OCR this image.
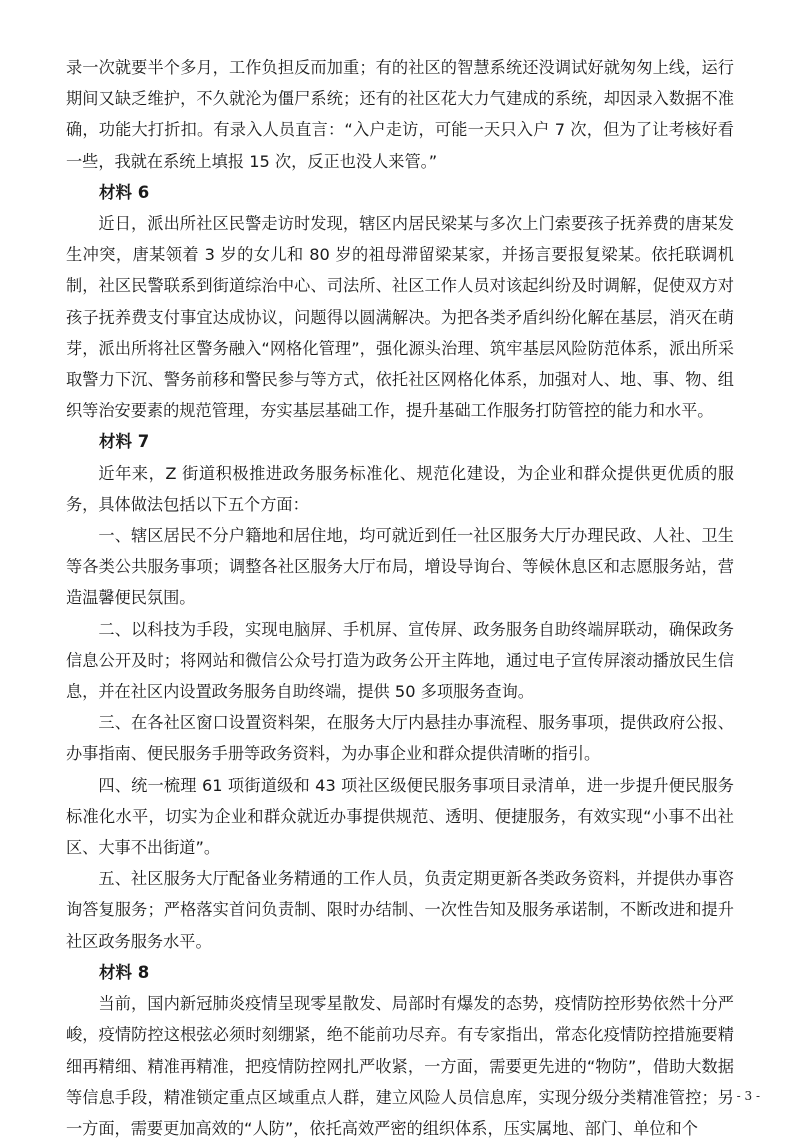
录一次就要半个多月，工作负担反而加重；有的社区的智慧系统还没调试好就匆匆上线，运行期间又缺乏维护，不久就沦为僵尸系统；还有的社区花大力气建成的系统，却因录入数据不准确，功能大打折扣。有录入人员直言：“入户走访，可能一天只入户 7 次，但为了让考核好看一些，我就在系统上填报 15 次，反正也没人来管。”

材料 6

近日，派出所社区民警走访时发现，辖区内居民梁某与多次上门索要孩子抚养费的唐某发生冲突，唐某领着 3 岁的女儿和 80 岁的祖母滞留梁某家，并扬言要报复梁某。依托联调机制，社区民警联系到街道综治中心、司法所、社区工作人员对该起纠纷及时调解，促使双方对孩子抚养费支付事宜达成协议，问题得以圆满解决。为把各类矛盾纠纷化解在基层，消灭在萌芽，派出所将社区警务融入“网格化管理”，强化源头治理、筑牢基层风险防范体系，派出所采取警力下沉、警务前移和警民参与等方式，依托社区网格化体系，加强对人、地、事、物、组织等治安要素的规范管理，夯实基层基础工作，提升基础工作服务打防管控的能力和水平。

材料 7

近年来，Z 街道积极推进政务服务标准化、规范化建设，为企业和群众提供更优质的服务，具体做法包括以下五个方面：

一、辖区居民不分户籍地和居住地，均可就近到任一社区服务大厅办理民政、人社、卫生等各类公共服务事项；调整各社区服务大厅布局，增设导询台、等候休息区和志愿服务站，营造温馨便民氛围。

二、以科技为手段，实现电脑屏、手机屏、宣传屏、政务服务自助终端屏联动，确保政务信息公开及时；将网站和微信公众号打造为政务公开主阵地，通过电子宣传屏滚动播放民生信息，并在社区内设置政务服务自助终端，提供 50 多项服务查询。

三、在各社区窗口设置资料架，在服务大厅内悬挂办事流程、服务事项，提供政府公报、办事指南、便民服务手册等政务资料，为办事企业和群众提供清晰的指引。

四、统一梳理 61 项街道级和 43 项社区级便民服务事项目录清单，进一步提升便民服务标准化水平，切实为企业和群众就近办事提供规范、透明、便捷服务，有效实现“小事不出社区、大事不出街道”。

五、社区服务大厅配备业务精通的工作人员，负责定期更新各类政务资料，并提供办事咨询答复服务；严格落实首问负责制、限时办结制、一次性告知及服务承诺制，不断改进和提升社区政务服务水平。

材料 8

当前，国内新冠肺炎疫情呈现零星散发、局部时有爆发的态势，疫情防控形势依然十分严峻，疫情防控这根弦必须时刻绷紧，绝不能前功尽弃。有专家指出，常态化疫情防控措施要精细再精细、精准再精准，把疫情防控网扎严收紧，一方面，需要更先进的“物防”，借助大数据等信息手段，精准锁定重点区域重点人群，建立风险人员信息库，实现分级分类精准管控；另一方面，需要更加高效的“人防”，依托高效严密的组织体系，压实属地、部门、单位和个

- 3 -
